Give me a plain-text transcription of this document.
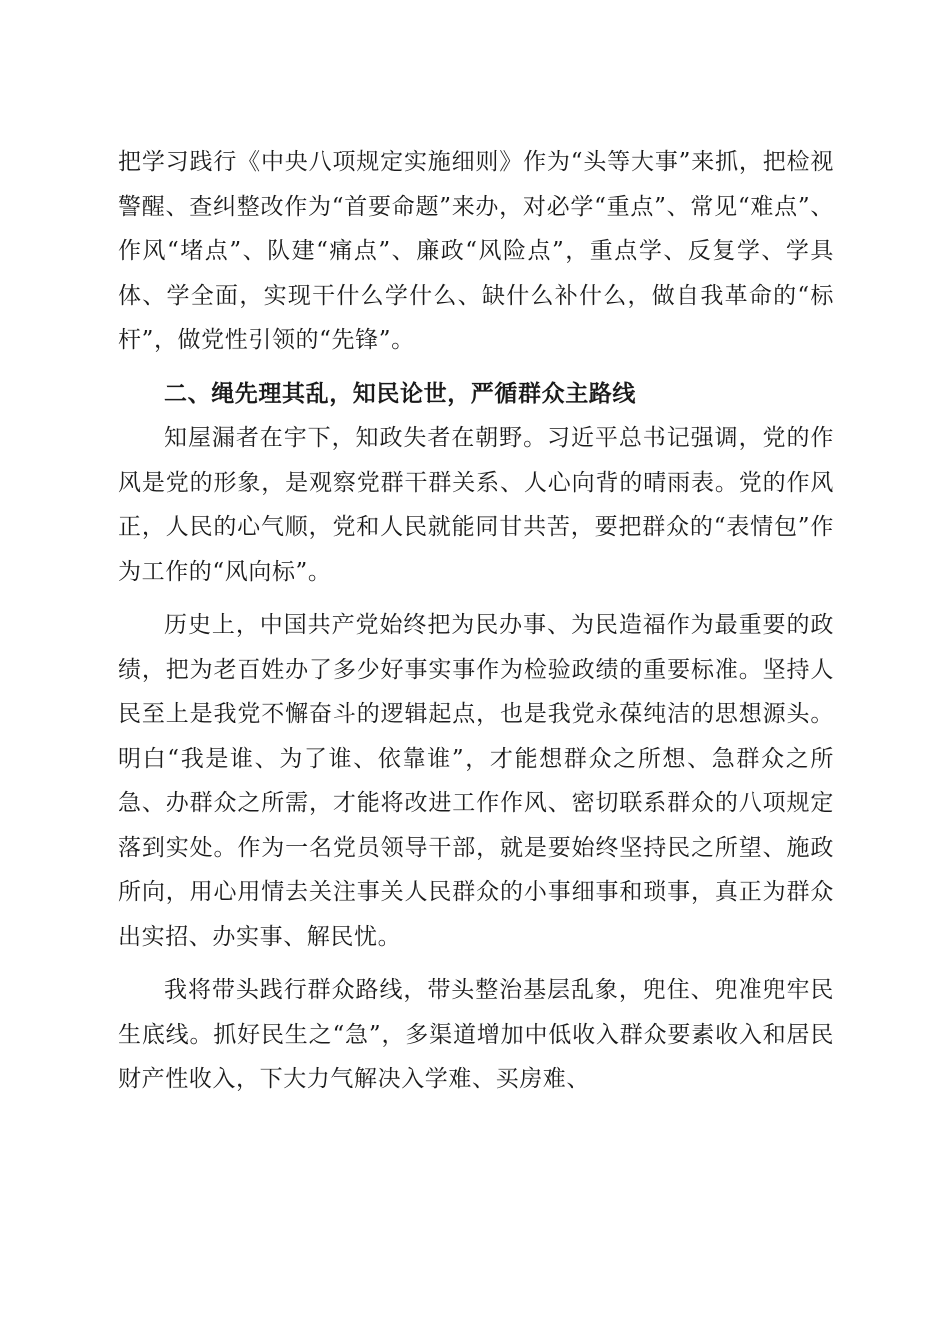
把学习践行《中央八项规定实施细则》作为“头等大事”来抓，把检视警醒、查纠整改作为“首要命题”来办，对必学“重点”、常见“难点”、作风“堵点”、队建“痛点”、廉政“风险点”，重点学、反复学、学具体、学全面，实现干什么学什么、缺什么补什么，做自我革命的“标杆”，做党性引领的“先锋”。

二、绳先理其乱，知民论世，严循群众主路线

知屋漏者在宇下，知政失者在朝野。习近平总书记强调，党的作风是党的形象，是观察党群干群关系、人心向背的晴雨表。党的作风正，人民的心气顺，党和人民就能同甘共苦，要把群众的“表情包”作为工作的“风向标”。

历史上，中国共产党始终把为民办事、为民造福作为最重要的政绩，把为老百姓办了多少好事实事作为检验政绩的重要标准。坚持人民至上是我党不懈奋斗的逻辑起点，也是我党永葆纯洁的思想源头。明白“我是谁、为了谁、依靠谁”，才能想群众之所想、急群众之所急、办群众之所需，才能将改进工作作风、密切联系群众的八项规定落到实处。作为一名党员领导干部，就是要始终坚持民之所望、施政所向，用心用情去关注事关人民群众的小事细事和琐事，真正为群众出实招、办实事、解民忧。

我将带头践行群众路线，带头整治基层乱象，兜住、兜准兜牢民生底线。抓好民生之“急”，多渠道增加中低收入群众要素收入和居民财产性收入，下大力气解决入学难、买房难、
